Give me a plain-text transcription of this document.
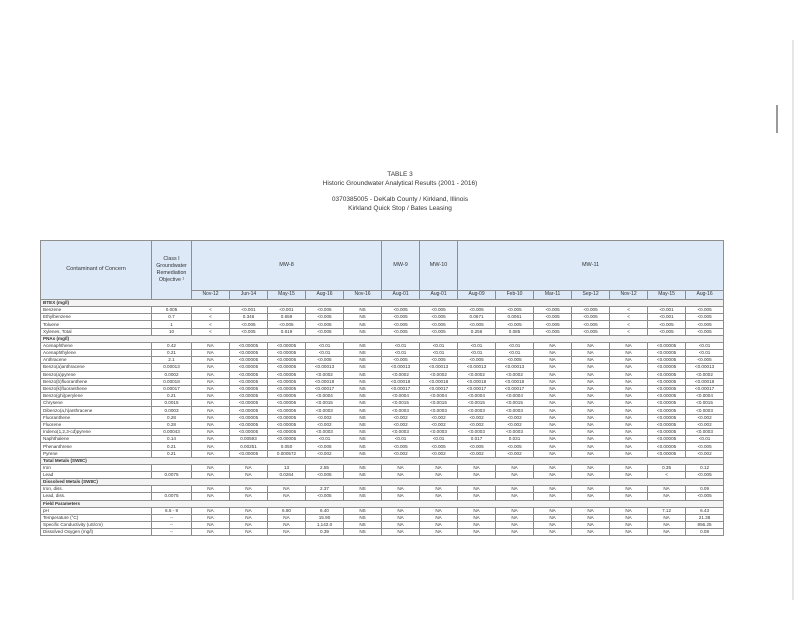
TABLE 3
Historic Groundwater Analytical Results (2001 - 2016)
0370385005 - DeKalb County / Kirkland, Illinois
Kirkland Quick Stop / Bates Leasing
Contaminant of Concern	Class I
Groundwater
Remediation
Objective ¹	MW-8					MW-9	MW-10	MW-11						
		Nov-12	Jun-14	May-15	Aug-16	Nov-16	Aug-01	Aug-01	Aug-09	Feb-10	Mar-11	Sep-12	Nov-12	May-15	Aug-16
BTEX (mg/l)															
Benzene	0.005	<	<0.001	<0.001	<0.005	NS	<0.005	<0.005	<0.005	<0.005	<0.005	<0.005	<	<0.001	<0.005
Ethylbenzene	0.7	<	0.346	0.659	<0.005	NS	<0.005	<0.005	0.0671	0.0061	<0.005	<0.005	<	<0.001	<0.005
Toluene	1	<	<0.005	<0.005	<0.005	NS	<0.005	<0.005	<0.005	<0.005	<0.005	<0.005	<	<0.005	<0.005
Xylenes, Total	10	<	<0.005	0.619	<0.005	NS	<0.005	<0.005	0.256	0.085	<0.005	<0.005	<	<0.005	<0.005
PNAs (mg/l)															
Acenaphthene	0.42	NA	<0.00005	<0.00005	<0.01	NS	<0.01	<0.01	<0.01	<0.01	NA	NA	NA	<0.00005	<0.01
Acenaphthylene	0.21	NA	<0.00005	<0.00005	<0.01	NS	<0.01	<0.01	<0.01	<0.01	NA	NA	NA	<0.00005	<0.01
Anthracene	2.1	NA	<0.00005	<0.00005	<0.005	NS	<0.005	<0.005	<0.005	<0.005	NA	NA	NA	<0.00005	<0.005
Benzo(a)anthracene	0.00013	NA	<0.00005	<0.00005	<0.00013	NS	<0.00013	<0.00013	<0.00013	<0.00013	NA	NA	NA	<0.00005	<0.00013
Benzo(a)pyrene	0.0002	NA	<0.00005	<0.00005	<0.0002	NS	<0.0002	<0.0002	<0.0002	<0.0002	NA	NA	NA	<0.00005	<0.0002
Benzo(b)fluoranthene	0.00018	NA	<0.00005	<0.00005	<0.00018	NS	<0.00018	<0.00018	<0.00018	<0.00018	NA	NA	NA	<0.00005	<0.00018
Benzo(k)fluoranthene	0.00017	NA	<0.00005	<0.00005	<0.00017	NS	<0.00017	<0.00017	<0.00017	<0.00017	NA	NA	NA	<0.00005	<0.00017
Benzo(ghi)perylene	0.21	NA	<0.00005	<0.00005	<0.0004	NS	<0.0004	<0.0004	<0.0004	<0.0004	NA	NA	NA	<0.00005	<0.0004
Chrysene	0.0015	NA	<0.00005	<0.00005	<0.0015	NS	<0.0015	<0.0015	<0.0015	<0.0015	NA	NA	NA	<0.00005	<0.0015
Dibenzo(a,h)anthracene	0.0003	NA	<0.00005	<0.00005	<0.0003	NS	<0.0003	<0.0003	<0.0003	<0.0003	NA	NA	NA	<0.00005	<0.0003
Fluoranthene	0.28	NA	<0.00005	<0.00005	<0.002	NS	<0.002	<0.002	<0.002	<0.002	NA	NA	NA	<0.00005	<0.002
Fluorene	0.28	NA	<0.00005	<0.00005	<0.002	NS	<0.002	<0.002	<0.002	<0.002	NA	NA	NA	<0.00005	<0.002
Indeno(1,2,3-cd)pyrene	0.00043	NA	<0.00005	<0.00005	<0.0003	NS	<0.0003	<0.0003	<0.0003	<0.0003	NA	NA	NA	<0.00005	<0.0003
Naphthalene	0.14	NA	0.00593	<0.00005	<0.01	NS	<0.01	<0.01	0.017	0.031	NA	NA	NA	<0.00005	<0.01
Phenanthrene	0.21	NA	0.00251	0.050	<0.005	NS	<0.005	<0.005	<0.005	<0.005	NA	NA	NA	<0.00005	<0.005
Pyrene	0.21	NA	<0.00005	0.000572	<0.002	NS	<0.002	<0.002	<0.002	<0.002	NA	NA	NA	<0.00005	<0.002
Total Metals (SW8C)															
Iron		NA	NA	13	2.55	NS	NA	NA	NA	NA	NA	NA	NA	0.35	0.12
Lead	0.0075	NA	NA	0.0264	<0.005	NS	NA	NA	NA	NA	NA	NA	NA	<	<0.005
Dissolved Metals (SW8C)															
Iron, diss.		NA	NA	NA	2.37	NS	NA	NA	NA	NA	NA	NA	NA	NA	0.09
Lead, diss.	0.0075	NA	NA	NA	<0.005	NS	NA	NA	NA	NA	NA	NA	NA	NA	<0.005
Field Parameters															
pH	6.5 - 9	NA	NA	6.80	6.40	NS	NA	NA	NA	NA	NA	NA	NA	7.12	6.43
Temperature (°C)	--	NA	NA	NA	15.90	NS	NA	NA	NA	NA	NA	NA	NA	NA	21.38
Specific Conductivity (uS/cm)	--	NA	NA	NA	1,142.0	NS	NA	NA	NA	NA	NA	NA	NA	NA	856.25
Dissolved Oxygen (mg/l)	--	NA	NA	NA	0.39	NS	NA	NA	NA	NA	NA	NA	NA	NA	0.08
